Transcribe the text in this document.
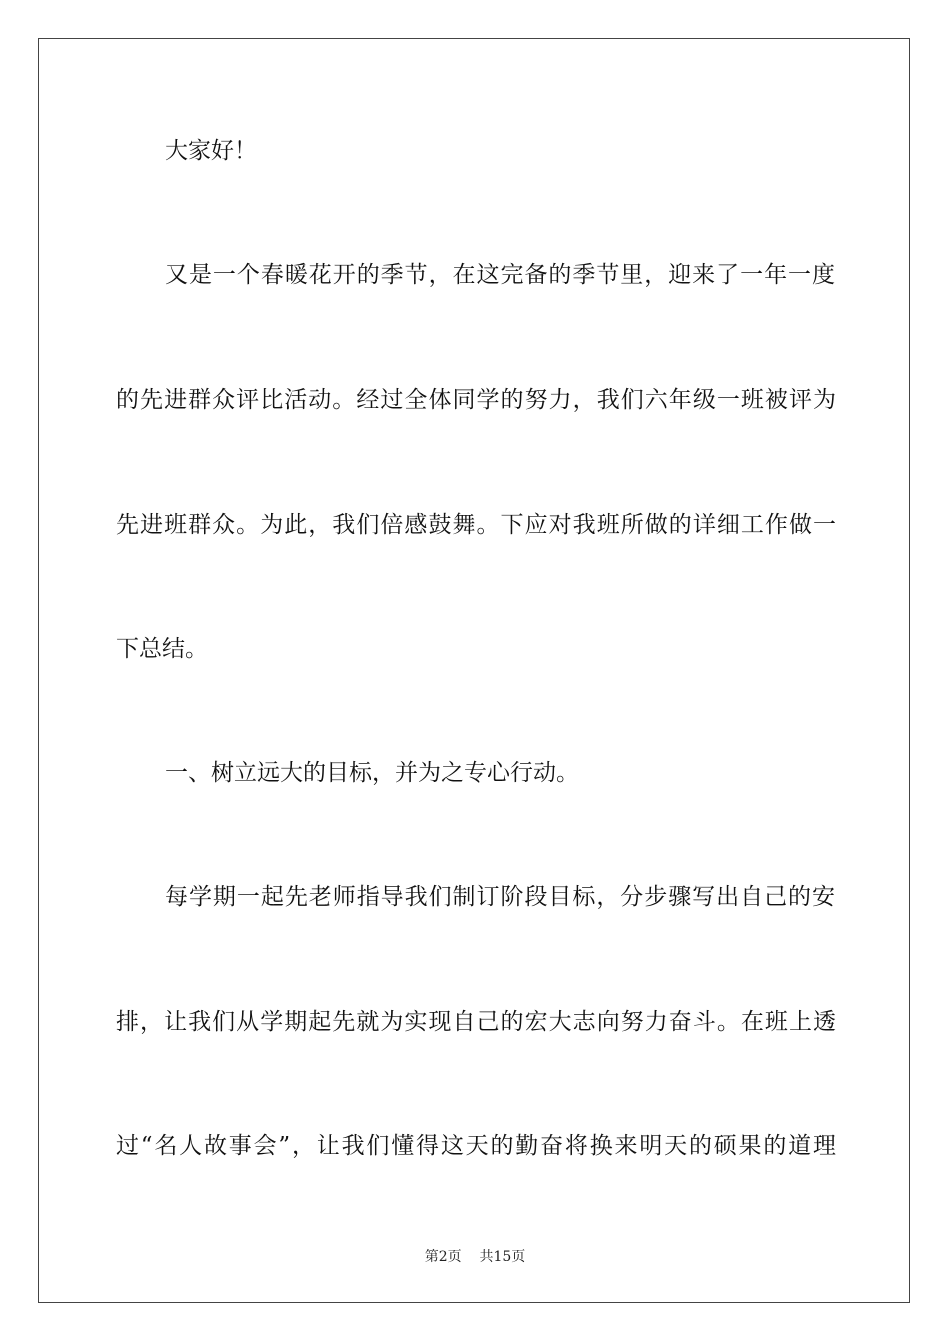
大家好！
又是一个春暖花开的季节，在这完备的季节里，迎来了一年一度
的先进群众评比活动。经过全体同学的努力，我们六年级一班被评为
先进班群众。为此，我们倍感鼓舞。下应对我班所做的详细工作做一
下总结。
一、树立远大的目标，并为之专心行动。
每学期一起先老师指导我们制订阶段目标，分步骤写出自己的安
排，让我们从学期起先就为实现自己的宏大志向努力奋斗。在班上透
过“名人故事会”，让我们懂得这天的勤奋将换来明天的硕果的道理
第2页 共15页
